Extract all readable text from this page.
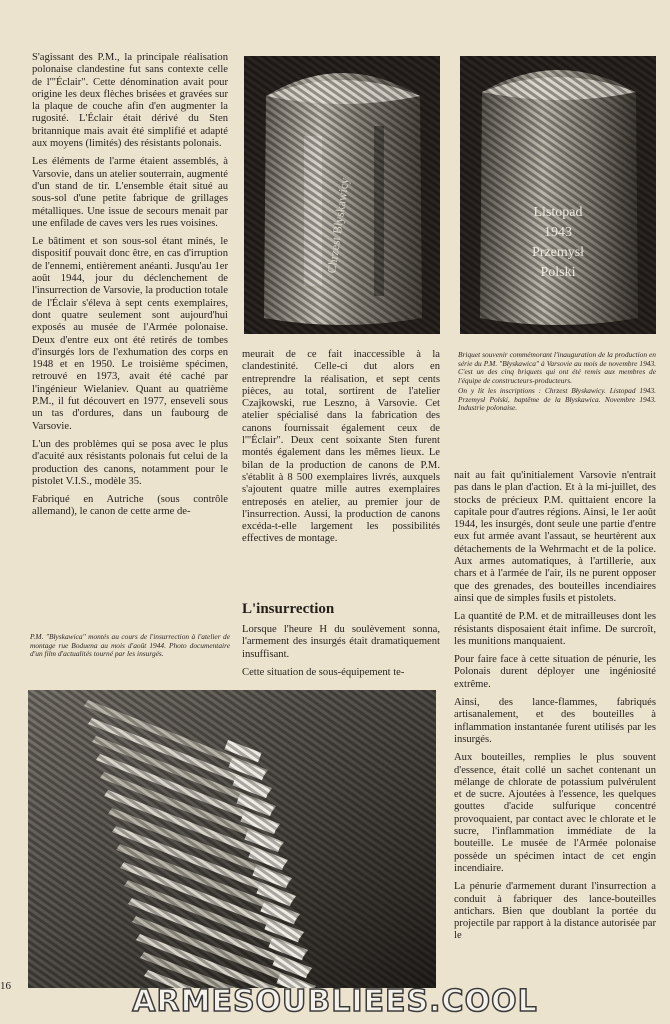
S'agissant des P.M., la principale réalisation polonaise clandestine fut sans contexte celle de l'"Éclair". Cette dénomination avait pour origine les deux flèches brisées et gravées sur la plaque de couche afin d'en augmenter la rugosité. L'Éclair était dérivé du Sten britannique mais avait été simplifié et adapté aux moyens (limités) des résistants polonais.

Les éléments de l'arme étaient assemblés, à Varsovie, dans un atelier souterrain, augmenté d'un stand de tir. L'ensemble était situé au sous-sol d'une petite fabrique de grillages métalliques. Une issue de secours menait par une enfilade de caves vers les rues voisines.

Le bâtiment et son sous-sol étant minés, le dispositif pouvait donc être, en cas d'irruption de l'ennemi, entièrement anéanti. Jusqu'au 1er août 1944, jour du déclenchement de l'insurrection de Varsovie, la production totale de l'Éclair s'éleva à sept cents exemplaires, dont quatre seulement sont aujourd'hui exposés au musée de l'Armée polonaise. Deux d'entre eux ont été retirés de tombes d'insurgés lors de l'exhumation des corps en 1948 et en 1950. Le troisième spécimen, retrouvé en 1973, avait été caché par l'ingénieur Wielaniev. Quant au quatrième P.M., il fut découvert en 1977, enseveli sous un tas d'ordures, dans un faubourg de Varsovie.

L'un des problèmes qui se posa avec le plus d'acuité aux résistants polonais fut celui de la production des canons, notamment pour le pistolet V.I.S., modèle 35.

Fabriqué en Autriche (sous contrôle allemand), le canon de cette arme de-

Chrzest Błyskawicy	Listopad
1943
Przemysł
Polski

Briquet souvenir commémorant l'inauguration de la production en série du P.M. "Błyskawica" à Varsovie au mois de novembre 1943. C'est un des cinq briquets qui ont été remis aux membres de l'équipe de constructeurs-producteurs.

On y lit les inscriptions : Chrzest Błyskawicy. Listopad 1943. Przemysł Polski, baptême de la Błyskawica. Novembre 1943. Industrie polonaise.

meurait de ce fait inaccessible à la clandestinité. Celle-ci dut alors en entreprendre la réalisation, et sept cents pièces, au total, sortirent de l'atelier Czajkowski, rue Leszno, à Varsovie. Cet atelier spécialisé dans la fabrication des canons fournissait également ceux de l'"Éclair". Deux cent soixante Sten furent montés également dans les mêmes lieux. Le bilan de la production de canons de P.M. s'établit à 8 500 exemplaires livrés, auxquels s'ajoutent quatre mille autres exemplaires entreposés en atelier, au premier jour de l'insurrection. Aussi, la production de canons excéda-t-elle largement les possibilités effectives de montage.

L'insurrection

Lorsque l'heure H du soulèvement sonna, l'armement des insurgés était dramatiquement insuffisant.

Cette situation de sous-équipement te-

P.M. "Błyskawica" montés au cours de l'insurrection à l'atelier de montage rue Boduena au mois d'août 1944. Photo documentaire d'un film d'actualités tourné par les insurgés.

nait au fait qu'initialement Varsovie n'entrait pas dans le plan d'action. Et à la mi-juillet, des stocks de précieux P.M. quittaient encore la capitale pour d'autres régions. Ainsi, le 1er août 1944, les insurgés, dont seule une partie d'entre eux fut armée avant l'assaut, se heurtèrent aux détachements de la Wehrmacht et de la police. Aux armes automatiques, à l'artillerie, aux chars et à l'armée de l'air, ils ne purent opposer que des grenades, des bouteilles incendiaires ainsi que de simples fusils et pistolets.

La quantité de P.M. et de mitrailleuses dont les résistants disposaient était infime. De surcroît, les munitions manquaient.

Pour faire face à cette situation de pénurie, les Polonais durent déployer une ingéniosité extrême.

Ainsi, des lance-flammes, fabriqués artisanalement, et des bouteilles à inflammation instantanée furent utilisés par les insurgés.

Aux bouteilles, remplies le plus souvent d'essence, était collé un sachet contenant un mélange de chlorate de potassium pulvérulent et de sucre. Ajoutées à l'essence, les quelques gouttes d'acide sulfurique concentré provoquaient, par contact avec le chlorate et le sucre, l'inflammation immédiate de la bouteille. Le musée de l'Armée polonaise possède un spécimen intact de cet engin incendiaire.

La pénurie d'armement durant l'insurrection a conduit à fabriquer des lance-bouteilles antichars. Bien que doublant la portée du projectile par rapport à la distance autorisée par le

16	ARMESOUBLIEES.COOL
